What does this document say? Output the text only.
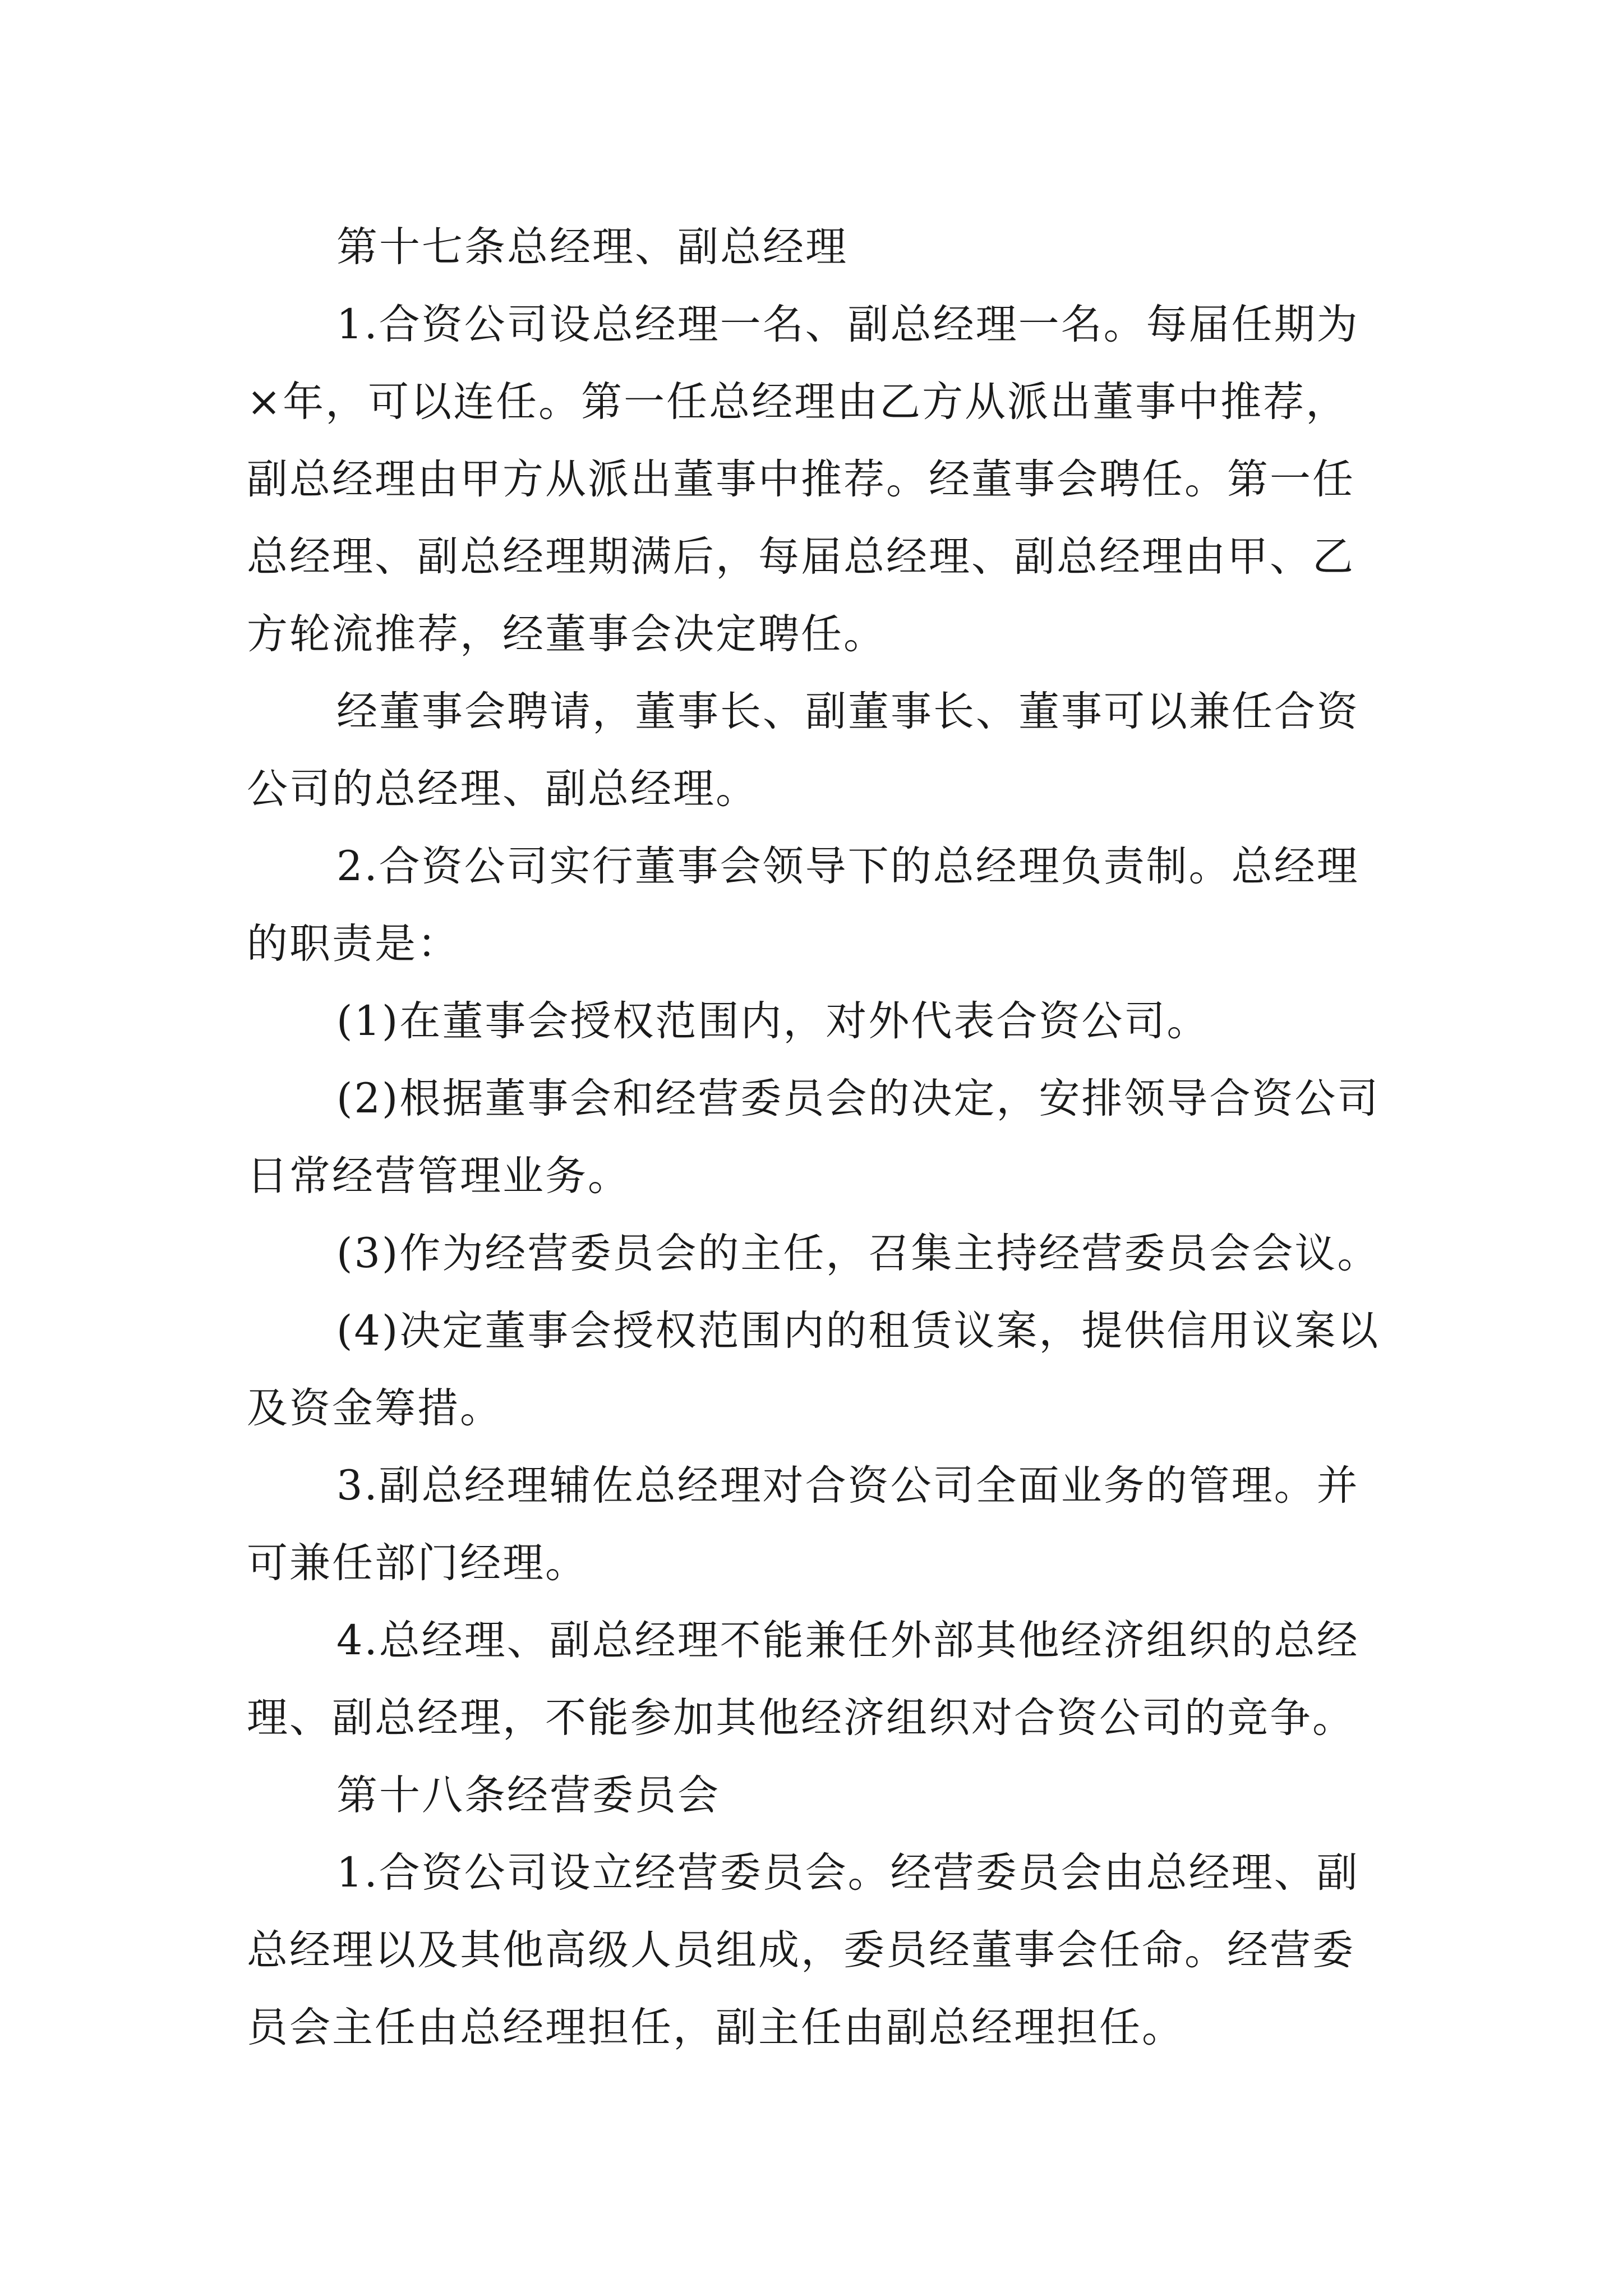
第十七条总经理、副总经理

1.合资公司设总经理一名、副总经理一名。每届任期为×年，可以连任。第一任总经理由乙方从派出董事中推荐，副总经理由甲方从派出董事中推荐。经董事会聘任。第一任总经理、副总经理期满后，每届总经理、副总经理由甲、乙方轮流推荐，经董事会决定聘任。

经董事会聘请，董事长、副董事长、董事可以兼任合资公司的总经理、副总经理。

2.合资公司实行董事会领导下的总经理负责制。总经理的职责是：

(1)在董事会授权范围内，对外代表合资公司。

(2)根据董事会和经营委员会的决定，安排领导合资公司日常经营管理业务。

(3)作为经营委员会的主任，召集主持经营委员会会议。

(4)决定董事会授权范围内的租赁议案，提供信用议案以及资金筹措。

3.副总经理辅佐总经理对合资公司全面业务的管理。并可兼任部门经理。

4.总经理、副总经理不能兼任外部其他经济组织的总经理、副总经理，不能参加其他经济组织对合资公司的竞争。

第十八条经营委员会

1.合资公司设立经营委员会。经营委员会由总经理、副总经理以及其他高级人员组成，委员经董事会任命。经营委员会主任由总经理担任，副主任由副总经理担任。
